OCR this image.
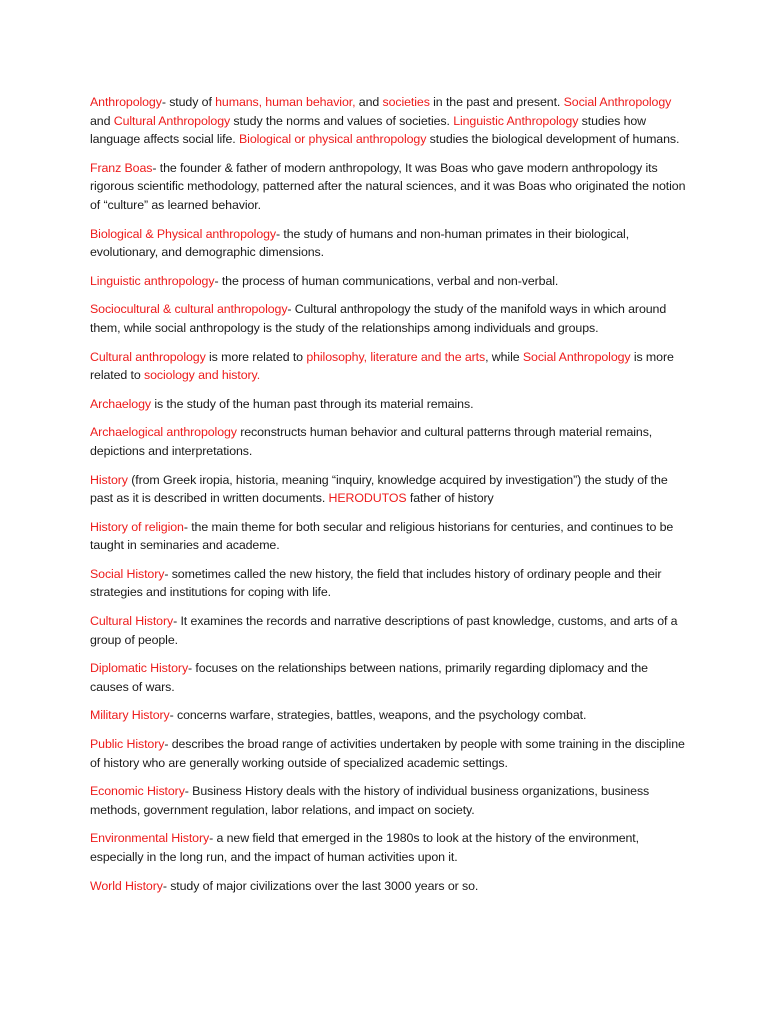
Anthropology- study of humans, human behavior, and societies in the past and present. Social Anthropology and Cultural Anthropology study the norms and values of societies. Linguistic Anthropology studies how language affects social life. Biological or physical anthropology studies the biological development of humans.

Franz Boas- the founder & father of modern anthropology, It was Boas who gave modern anthropology its rigorous scientific methodology, patterned after the natural sciences, and it was Boas who originated the notion of “culture” as learned behavior.

Biological & Physical anthropology- the study of humans and non-human primates in their biological, evolutionary, and demographic dimensions.

Linguistic anthropology- the process of human communications, verbal and non-verbal.

Sociocultural & cultural anthropology- Cultural anthropology the study of the manifold ways in which around them, while social anthropology is the study of the relationships among individuals and groups.

Cultural anthropology is more related to philosophy, literature and the arts, while Social Anthropology is more related to sociology and history.

Archaelogy is the study of the human past through its material remains.

Archaelogical anthropology reconstructs human behavior and cultural patterns through material remains, depictions and interpretations.

History (from Greek iropia, historia, meaning “inquiry, knowledge acquired by investigation”) the study of the past as it is described in written documents. HERODUTOS father of history

History of religion- the main theme for both secular and religious historians for centuries, and continues to be taught in seminaries and academe.

Social History- sometimes called the new history, the field that includes history of ordinary people and their strategies and institutions for coping with life.

Cultural History- It examines the records and narrative descriptions of past knowledge, customs, and arts of a group of people.

Diplomatic History- focuses on the relationships between nations, primarily regarding diplomacy and the causes of wars.

Military History- concerns warfare, strategies, battles, weapons, and the psychology combat.

Public History- describes the broad range of activities undertaken by people with some training in the discipline of history who are generally working outside of specialized academic settings.

Economic History- Business History deals with the history of individual business organizations, business methods, government regulation, labor relations, and impact on society.

Environmental History- a new field that emerged in the 1980s to look at the history of the environment, especially in the long run, and the impact of human activities upon it.

World History- study of major civilizations over the last 3000 years or so.
